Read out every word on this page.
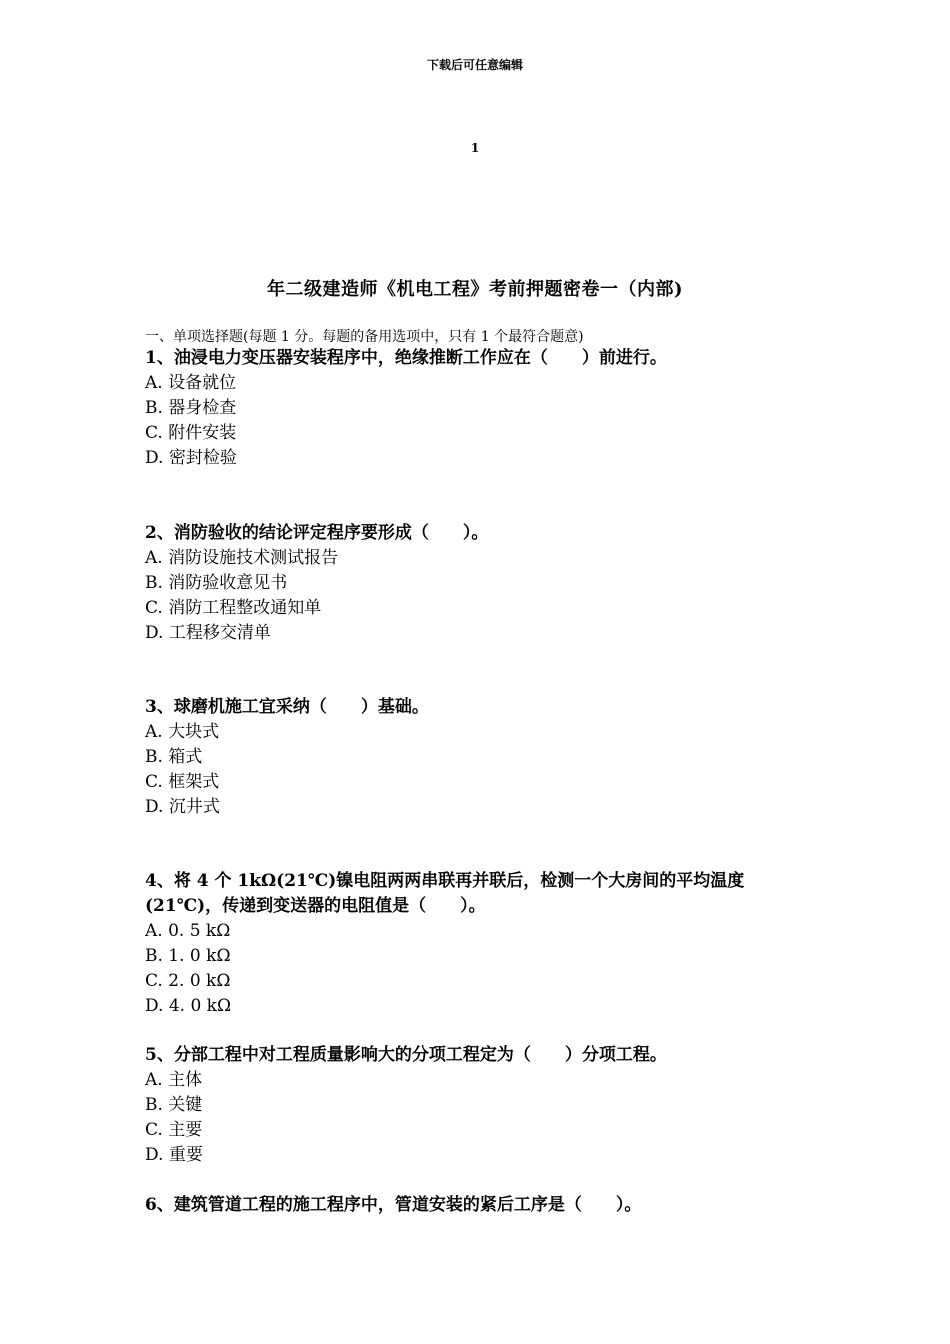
下载后可任意编辑
1
年二级建造师《机电工程》考前押题密卷一（内部)
一、单项选择题(每题 1 分。每题的备用选项中，只有 1 个最符合题意)
1、油浸电力变压器安装程序中，绝缘推断工作应在（　　）前进行。
A. 设备就位
B. 器身检查
C. 附件安装
D. 密封检验
2、消防验收的结论评定程序要形成（　　）。
A. 消防设施技术测试报告
B. 消防验收意见书
C. 消防工程整改通知单
D. 工程移交清单
3、球磨机施工宜采纳（　　）基础。
A. 大块式
B. 箱式
C. 框架式
D. 沉井式
4、将 4 个 1kΩ(21℃)镍电阻两两串联再并联后，检测一个大房间的平均温度(21℃)，传递到变送器的电阻值是（　　）。
A. 0. 5 kΩ
B. 1. 0 kΩ
C. 2. 0 kΩ
D. 4. 0 kΩ
5、分部工程中对工程质量影响大的分项工程定为（　　）分项工程。
A. 主体
B. 关键
C. 主要
D. 重要
6、建筑管道工程的施工程序中，管道安装的紧后工序是（　　）。
